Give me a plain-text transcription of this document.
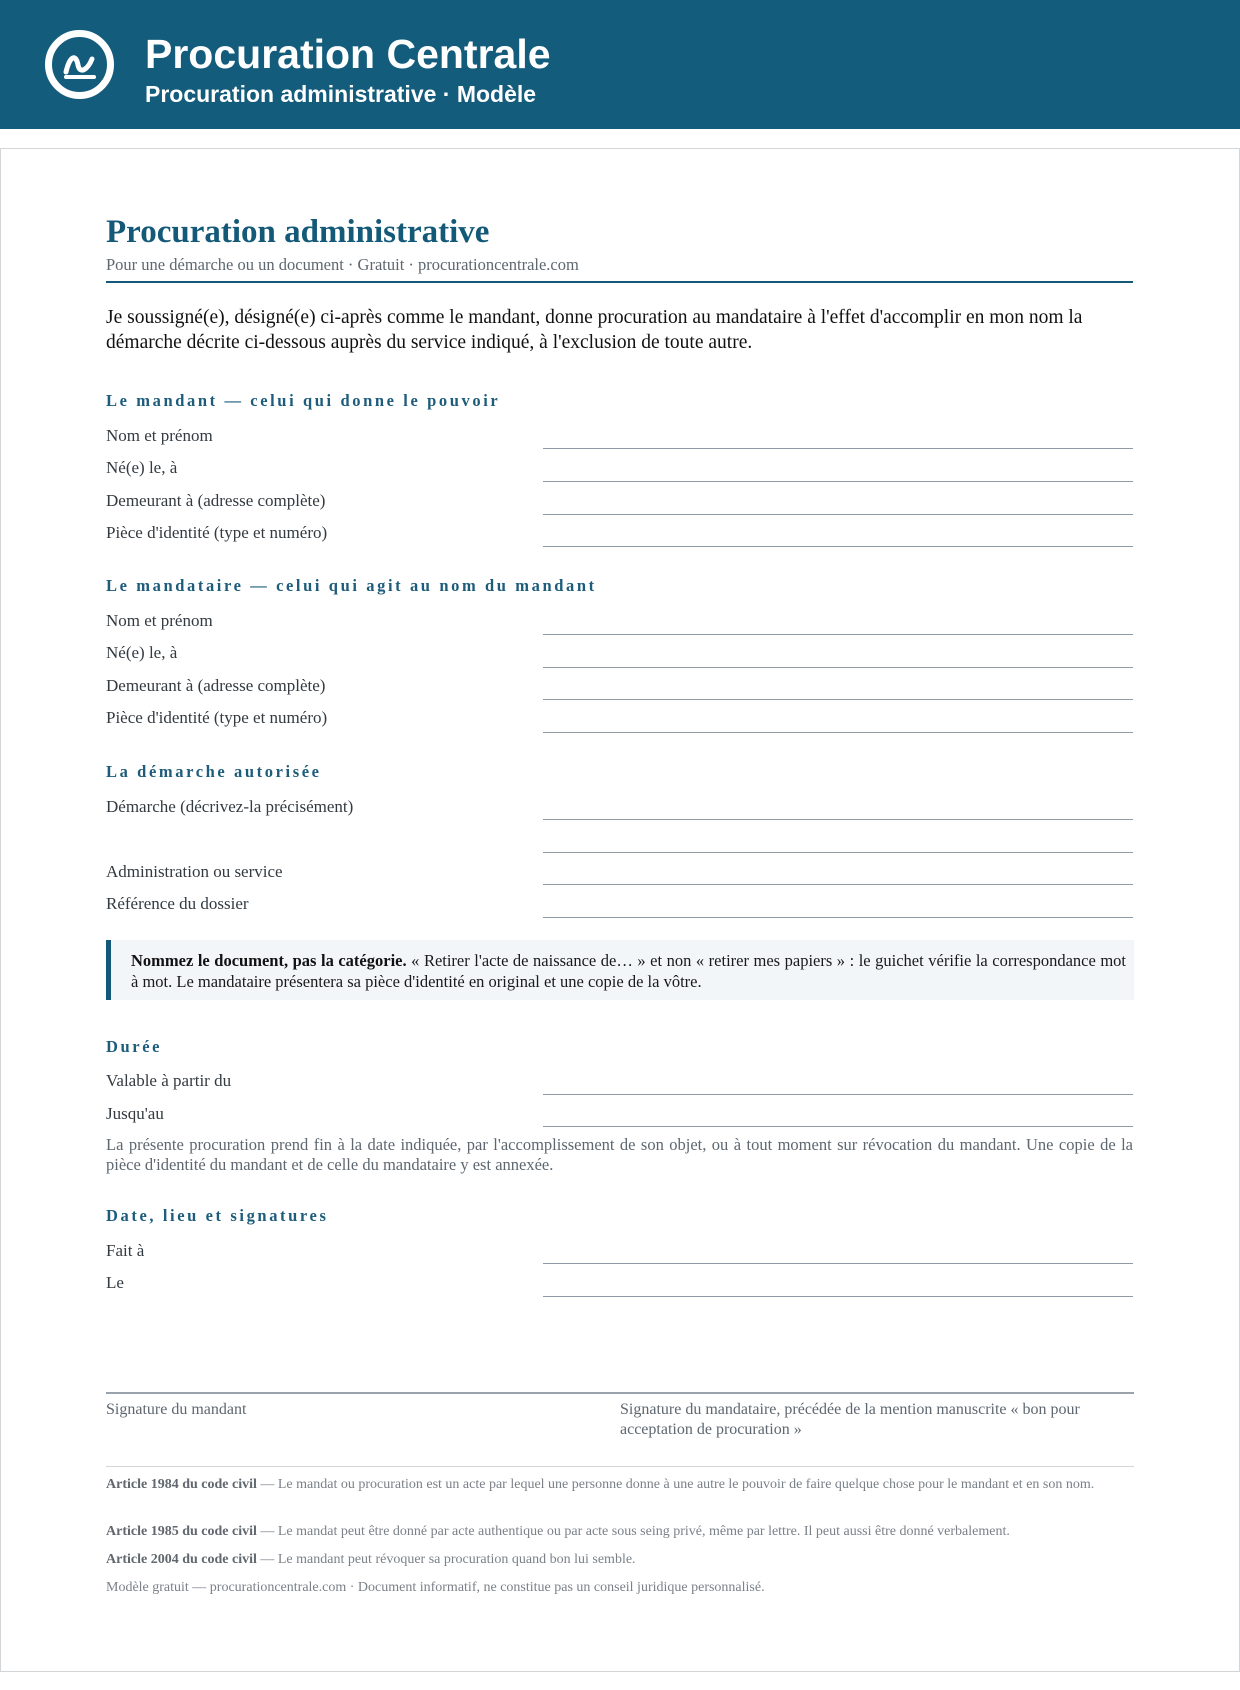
Procuration Centrale
Procuration administrative · Modèle
Procuration administrative
Pour une démarche ou un document · Gratuit · procurationcentrale.com
Je soussigné(e), désigné(e) ci-après comme le mandant, donne procuration au mandataire à l'effet d'accomplir en mon nom la démarche décrite ci-dessous auprès du service indiqué, à l'exclusion de toute autre.
Le mandant — celui qui donne le pouvoir
Nom et prénom
Né(e) le, à
Demeurant à (adresse complète)
Pièce d'identité (type et numéro)
Le mandataire — celui qui agit au nom du mandant
Nom et prénom
Né(e) le, à
Demeurant à (adresse complète)
Pièce d'identité (type et numéro)
La démarche autorisée
Démarche (décrivez-la précisément)
Administration ou service
Référence du dossier
Nommez le document, pas la catégorie. « Retirer l'acte de naissance de… » et non « retirer mes papiers » : le guichet vérifie la correspondance mot à mot. Le mandataire présentera sa pièce d'identité en original et une copie de la vôtre.
Durée
Valable à partir du
Jusqu'au
La présente procuration prend fin à la date indiquée, par l'accomplissement de son objet, ou à tout moment sur révocation du mandant. Une copie de la pièce d'identité du mandant et de celle du mandataire y est annexée.
Date, lieu et signatures
Fait à
Le
Signature du mandant	Signature du mandataire, précédée de la mention manuscrite « bon pour acceptation de procuration »
Article 1984 du code civil — Le mandat ou procuration est un acte par lequel une personne donne à une autre le pouvoir de faire quelque chose pour le mandant et en son nom.
Article 1985 du code civil — Le mandat peut être donné par acte authentique ou par acte sous seing privé, même par lettre. Il peut aussi être donné verbalement.
Article 2004 du code civil — Le mandant peut révoquer sa procuration quand bon lui semble.
Modèle gratuit — procurationcentrale.com · Document informatif, ne constitue pas un conseil juridique personnalisé.
